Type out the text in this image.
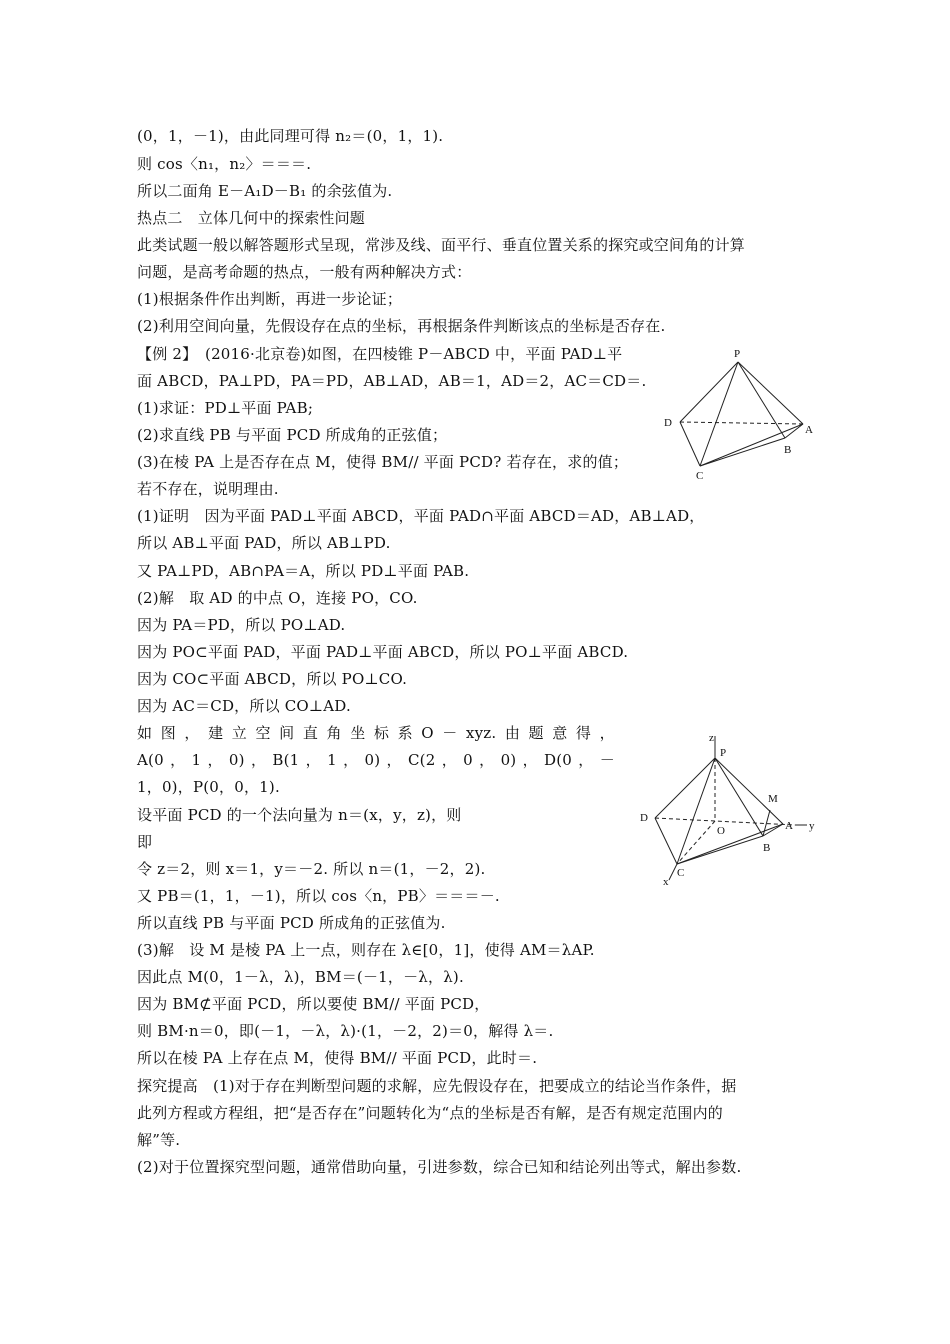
(0，1，－1)，由此同理可得 n₂＝(0，1，1).
则 cos〈n₁，n₂〉＝＝＝.
所以二面角 E－A₁D－B₁ 的余弦值为.
热点二　立体几何中的探索性问题
此类试题一般以解答题形式呈现，常涉及线、面平行、垂直位置关系的探究或空间角的计算
问题，是高考命题的热点，一般有两种解决方式：
(1)根据条件作出判断，再进一步论证；
(2)利用空间向量，先假设存在点的坐标，再根据条件判断该点的坐标是否存在.
【例 2】　(2016·北京卷)如图，在四棱锥 P－ABCD 中，平面 PAD⊥平
面 ABCD，PA⊥PD，PA＝PD，AB⊥AD，AB＝1，AD＝2，AC＝CD＝.
(1)求证：PD⊥平面 PAB;
(2)求直线 PB 与平面 PCD 所成角的正弦值；
(3)在棱 PA 上是否存在点 M，使得 BM// 平面 PCD? 若存在，求的值；
若不存在，说明理由.
(1)证明　因为平面 PAD⊥平面 ABCD，平面 PAD∩平面 ABCD＝AD，AB⊥AD，
所以 AB⊥平面 PAD，所以 AB⊥PD.
又 PA⊥PD，AB∩PA＝A，所以 PD⊥平面 PAB.
(2)解　取 AD 的中点 O，连接 PO，CO.
因为 PA＝PD，所以 PO⊥AD.
因为 PO⊂平面 PAD，平面 PAD⊥平面 ABCD，所以 PO⊥平面 ABCD.
因为 CO⊂平面 ABCD，所以 PO⊥CO.
因为 AC＝CD，所以 CO⊥AD.
如 图 ， 建 立 空 间 直 角 坐 标 系 O － xyz. 由 题 意 得 ，
A(0 ， 1 ， 0) ， B(1 ， 1 ， 0) ， C(2 ， 0 ， 0) ， D(0 ， －
1，0)，P(0，0，1).
设平面 PCD 的一个法向量为 n＝(x，y，z)，则
即
令 z＝2，则 x＝1，y＝－2. 所以 n＝(1，－2，2).
又 PB＝(1，1，－1)，所以 cos〈n，PB〉＝＝＝－.
所以直线 PB 与平面 PCD 所成角的正弦值为.
(3)解　设 M 是棱 PA 上一点，则存在 λ∈[0，1]，使得 AM＝λAP.
因此点 M(0，1－λ，λ)，BM＝(－1，－λ，λ).
因为 BM⊄平面 PCD，所以要使 BM// 平面 PCD，
则 BM·n＝0，即(－1，－λ，λ)·(1，－2，2)＝0，解得 λ＝.
所以在棱 PA 上存在点 M，使得 BM// 平面 PCD，此时＝.
探究提高　(1)对于存在判断型问题的求解，应先假设存在，把要成立的结论当作条件，据
此列方程或方程组，把“是否存在”问题转化为“点的坐标是否有解，是否有规定范围内的
解”等.
(2)对于位置探究型问题，通常借助向量，引进参数，综合已知和结论列出等式，解出参数.
P
D
A
B
C
z
P
M
D
O	A y
B
C
x
